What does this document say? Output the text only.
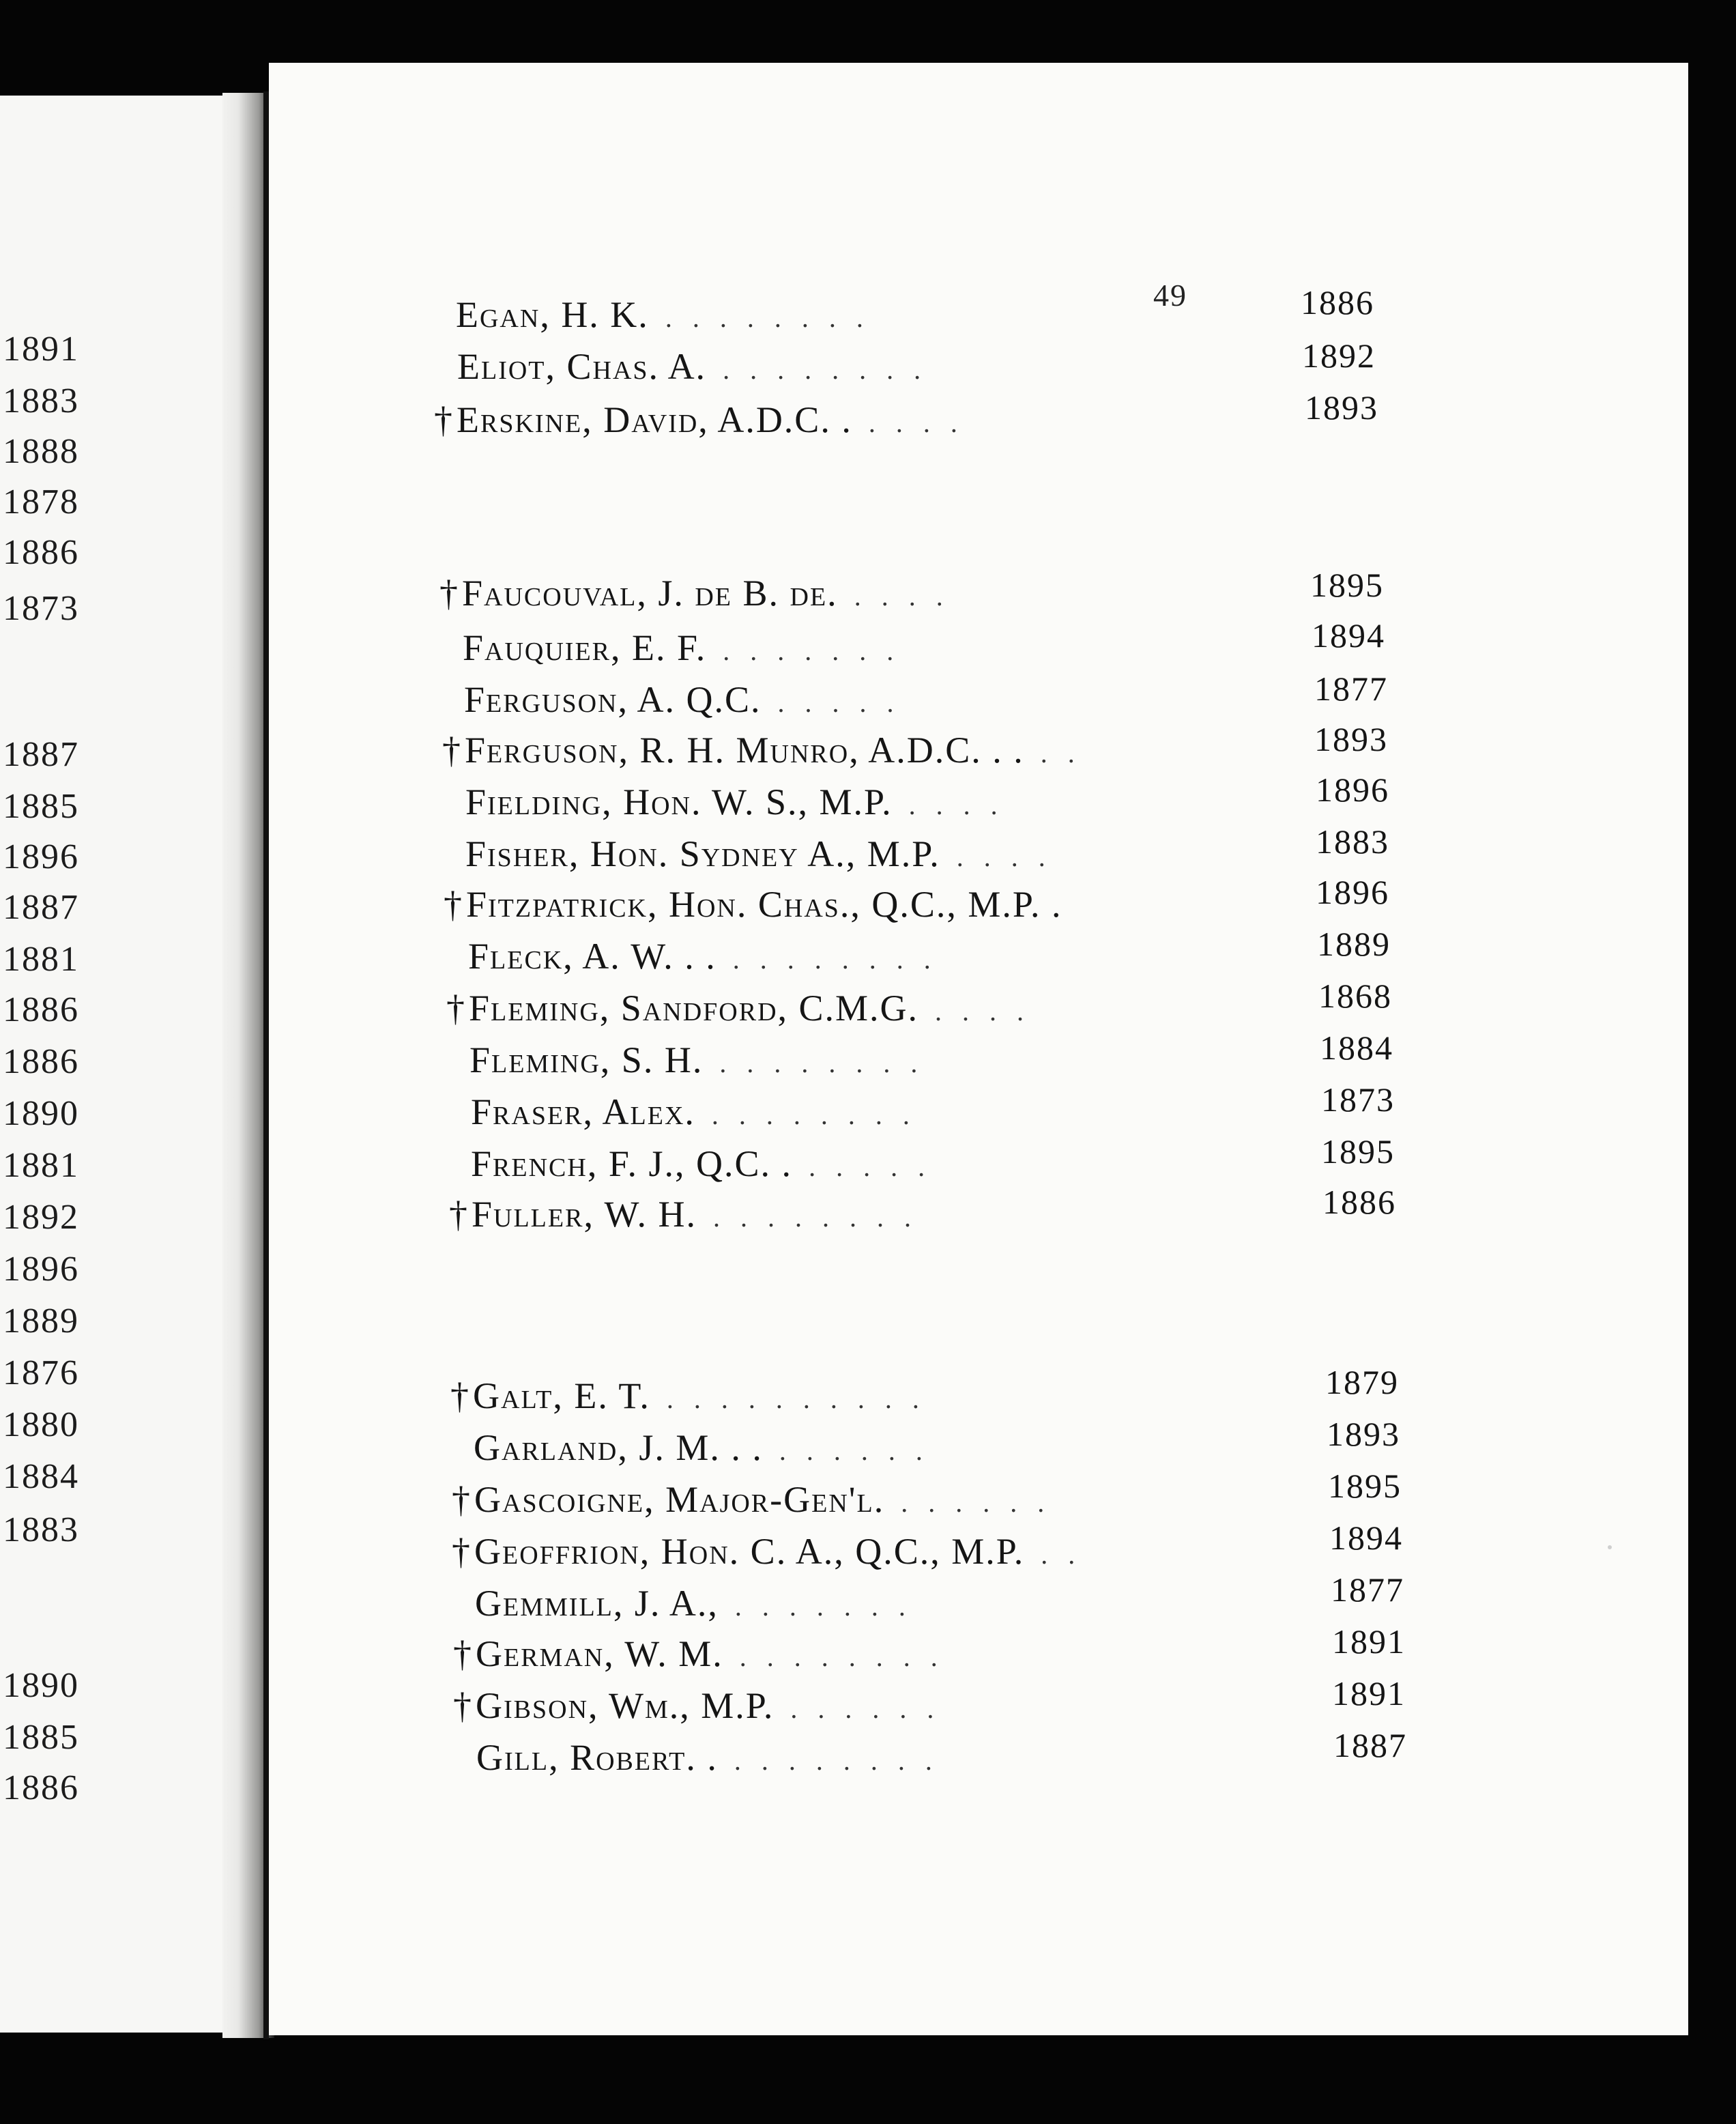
1891
1883
1888
1878
1886
1873
1887
1885
1896
1887
1881
1886
1886
1890
1881
1892
1896
1889
1876
1880
1884
1883
1890
1885
1886
49
Egan, H. K. . . . . . . . .	1886
Eliot, Chas. A. . . . . . . . .	1892
†Erskine, David, A.D.C. . . . . .	1893
†Faucouval, J. de B. de. . . . .	1895
Fauquier, E. F. . . . . . . .	1894
Ferguson, A. Q.C. . . . . .	1877
†Ferguson, R. H. Munro, A.D.C. . . . .	1893
Fielding, Hon. W. S., M.P. . . . .	1896
Fisher, Hon. Sydney A., M.P. . . . .	1883
†Fitzpatrick, Hon. Chas., Q.C., M.P. .	1896
Fleck, A. W. . . . . . . . . . .	1889
†Fleming, Sandford, C.M.G. . . . .	1868
Fleming, S. H. . . . . . . . .	1884
Fraser, Alex. . . . . . . . .	1873
French, F. J., Q.C. . . . . . .	1895
†Fuller, W. H. . . . . . . . .	1886
†Galt, E. T. . . . . . . . . . .	1879
Garland, J. M. . . . . . . . .	1893
†Gascoigne, Major-Gen'l. . . . . . .	1895
†Geoffrion, Hon. C. A., Q.C., M.P. . .	1894
Gemmill, J. A., . . . . . . .	1877
†German, W. M. . . . . . . . .	1891
†Gibson, Wm., M.P. . . . . . .	1891
Gill, Robert. . . . . . . . . .	1887
